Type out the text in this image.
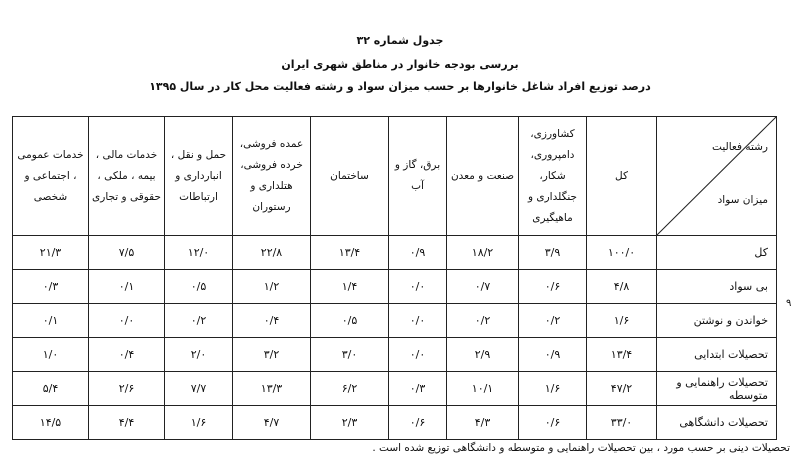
جدول شماره ۳۲
بررسی بودجه خانوار در مناطق شهری ایران
درصد توزیع افراد شاغل خانوارها بر حسب میزان سواد و رشته فعالیت محل کار در سال ۱۳۹۵
رشته فعالیت
میزان سواد	کل	کشاورزی، دامپروری، شکار، جنگلداری و ماهیگیری	صنعت و معدن	برق، گاز و آب	ساختمان	عمده فروشی، خرده فروشی، هتلداری و رستوران	حمل و نقل ، انبارداری و ارتباطات	خدمات مالی ، بیمه ، ملکی ، حقوقی و تجاری	خدمات عمومی ، اجتماعی و شخصی
کل	۱۰۰/۰	۳/۹	۱۸/۲	۰/۹	۱۳/۴	۲۲/۸	۱۲/۰	۷/۵	۲۱/۳
بی سواد	۴/۸	۰/۶	۰/۷	۰/۰	۱/۴	۱/۲	۰/۵	۰/۱	۰/۳
خواندن و نوشتن	۱/۶	۰/۲	۰/۲	۰/۰	۰/۵	۰/۴	۰/۲	۰/۰	۰/۱
تحصیلات ابتدایی	۱۳/۴	۰/۹	۲/۹	۰/۰	۳/۰	۳/۲	۲/۰	۰/۴	۱/۰
تحصیلات راهنمایی و متوسطه	۴۷/۲	۱/۶	۱۰/۱	۰/۳	۶/۲	۱۳/۳	۷/۷	۲/۶	۵/۴
تحصیلات دانشگاهی	۳۳/۰	۰/۶	۴/۳	۰/۶	۲/۳	۴/۷	۱/۶	۴/۴	۱۴/۵
تحصیلات دینی بر حسب مورد ، بین تحصیلات راهنمایی و متوسطه و دانشگاهی توزیع شده است .
۹
